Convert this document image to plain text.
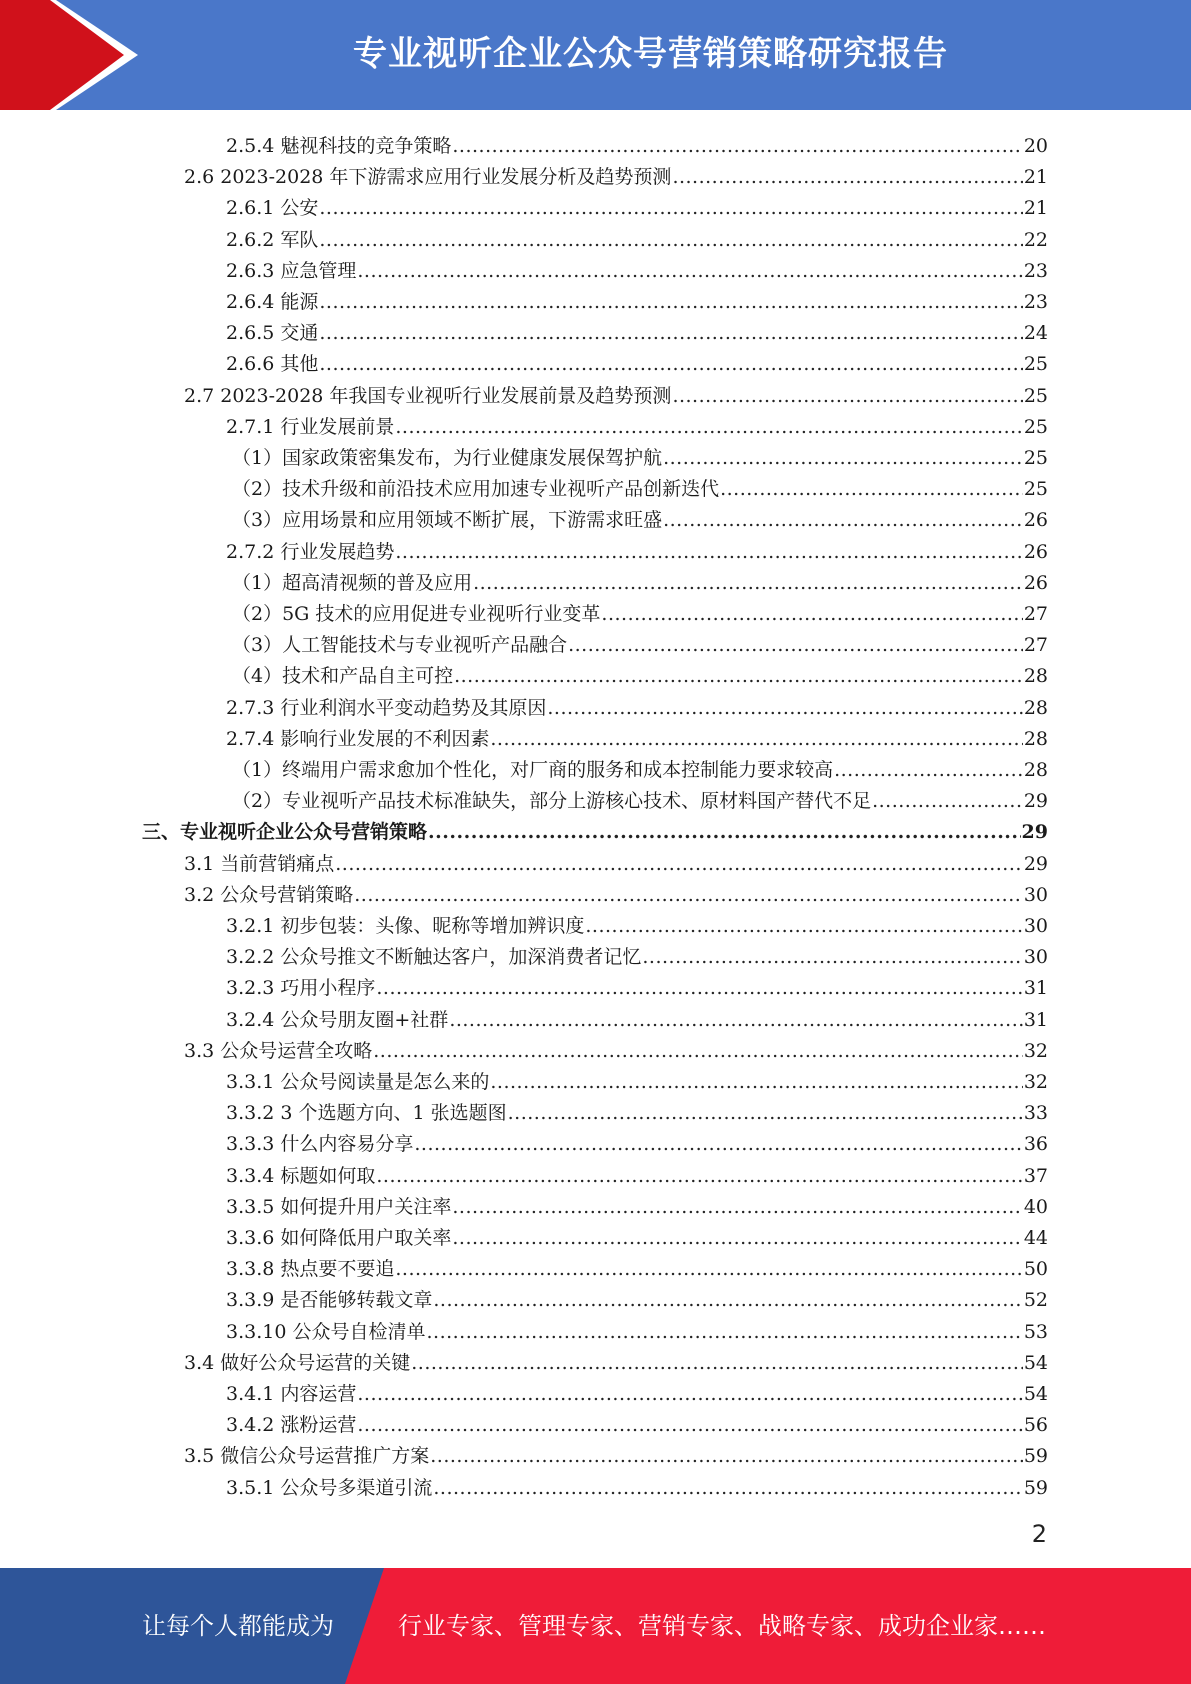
专业视听企业公众号营销策略研究报告
2.5.4 魅视科技的竞争策略 .....	20
2.6 2023-2028 年下游需求应用行业发展分析及趋势预测 .....	21
2.6.1 公安 .....	21
2.6.2 军队 .....	22
2.6.3 应急管理 .....	23
2.6.4 能源 .....	23
2.6.5 交通 .....	24
2.6.6 其他 .....	25
2.7 2023-2028 年我国专业视听行业发展前景及趋势预测 .....	25
2.7.1 行业发展前景 .....	25
（1）国家政策密集发布，为行业健康发展保驾护航 .....	25
（2）技术升级和前沿技术应用加速专业视听产品创新迭代 .....	25
（3）应用场景和应用领域不断扩展，下游需求旺盛 .....	26
2.7.2 行业发展趋势 .....	26
（1）超高清视频的普及应用 .....	26
（2）5G 技术的应用促进专业视听行业变革 .....	27
（3）人工智能技术与专业视听产品融合 .....	27
（4）技术和产品自主可控 .....	28
2.7.3 行业利润水平变动趋势及其原因 .....	28
2.7.4 影响行业发展的不利因素 .....	28
（1）终端用户需求愈加个性化，对厂商的服务和成本控制能力要求较高 .....	28
（2）专业视听产品技术标准缺失，部分上游核心技术、原材料国产替代不足 .....	29
三、专业视听企业公众号营销策略 .....	29
3.1 当前营销痛点 .....	29
3.2 公众号营销策略 .....	30
3.2.1 初步包装：头像、昵称等增加辨识度 .....	30
3.2.2 公众号推文不断触达客户，加深消费者记忆 .....	30
3.2.3 巧用小程序 .....	31
3.2.4 公众号朋友圈+社群 .....	31
3.3 公众号运营全攻略 .....	32
3.3.1 公众号阅读量是怎么来的 .....	32
3.3.2 3 个选题方向、1 张选题图 .....	33
3.3.3 什么内容易分享 .....	36
3.3.4 标题如何取 .....	37
3.3.5 如何提升用户关注率 .....	40
3.3.6 如何降低用户取关率 .....	44
3.3.8 热点要不要追 .....	50
3.3.9 是否能够转载文章 .....	52
3.3.10 公众号自检清单 .....	53
3.4 做好公众号运营的关键 .....	54
3.4.1 内容运营 .....	54
3.4.2 涨粉运营 .....	56
3.5 微信公众号运营推广方案 .....	59
3.5.1 公众号多渠道引流 .....	59
2
让每个人都能成为	行业专家、管理专家、营销专家、战略专家、成功企业家……
